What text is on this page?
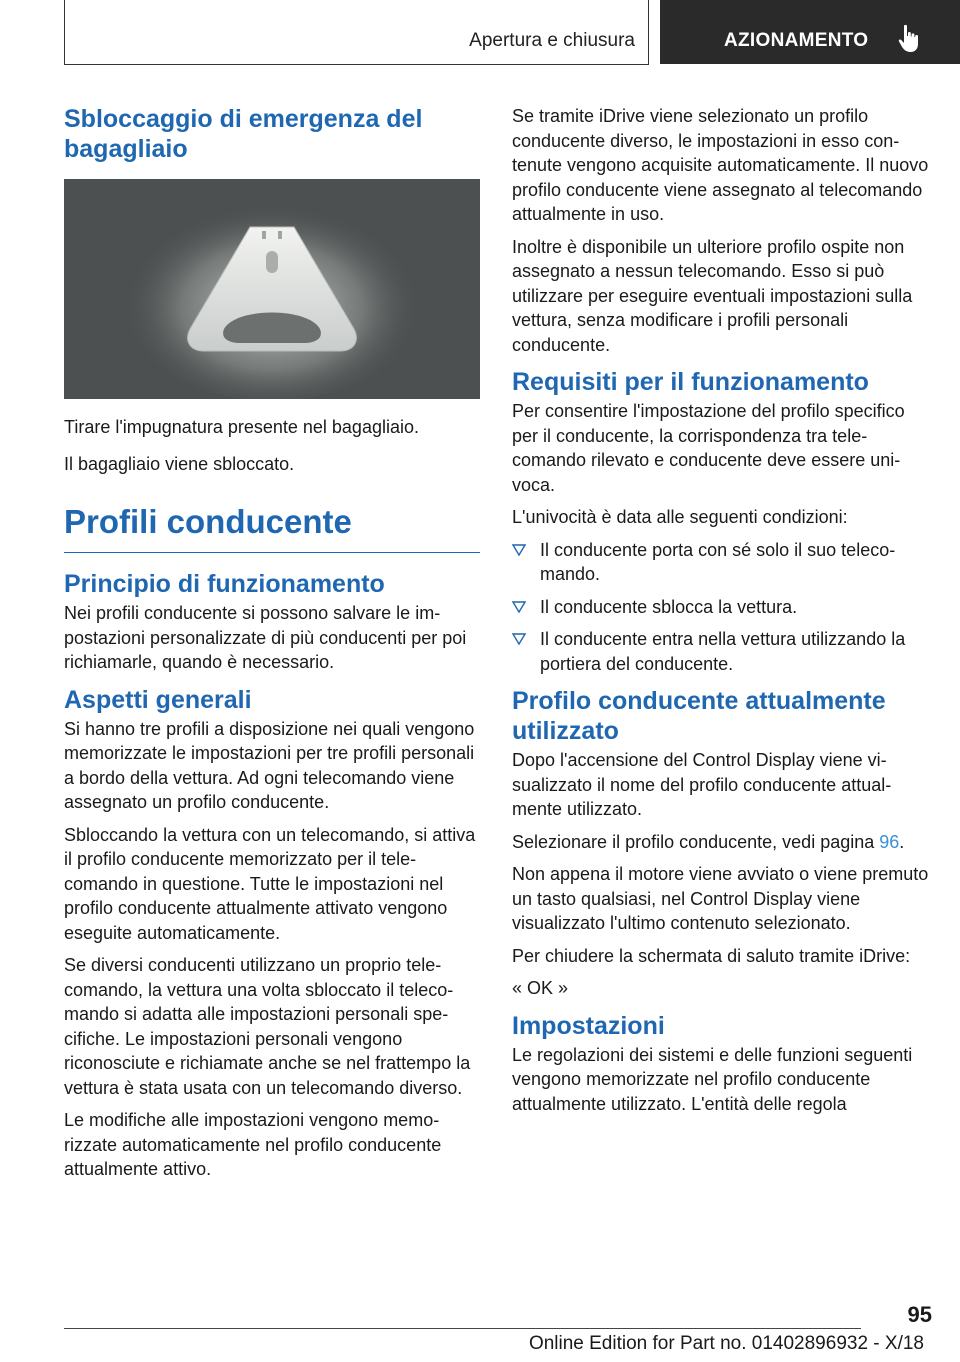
Apertura e chiusura	AZIONAMENTO
Sbloccaggio di emergenza del bagagliaio

Tirare l'impugnatura presente nel bagagliaio.

Il bagagliaio viene sbloccato.

Profili conducente
Principio di funzionamento

Nei profili conducente si possono salvare le impostazioni personalizzate di più conducenti per poi richiamarle, quando è necessario.

Aspetti generali

Si hanno tre profili a disposizione nei quali vengono memorizzate le impostazioni per tre profili personali a bordo della vettura. Ad ogni telecomando viene assegnato un profilo conducente.

Sbloccando la vettura con un telecomando, si attiva il profilo conducente memorizzato per il telecomando in questione. Tutte le impostazioni nel profilo conducente attualmente attivato vengono eseguite automaticamente.

Se diversi conducenti utilizzano un proprio telecomando, la vettura una volta sbloccato il telecomando si adatta alle impostazioni personali specifiche. Le impostazioni personali vengono riconosciute e richiamate anche se nel frattempo la vettura è stata usata con un telecomando diverso.

Le modifiche alle impostazioni vengono memorizzate automaticamente nel profilo conducente attualmente attivo.

Se tramite iDrive viene selezionato un profilo conducente diverso, le impostazioni in esso contenute vengono acquisite automaticamente. Il nuovo profilo conducente viene assegnato al telecomando attualmente in uso.

Inoltre è disponibile un ulteriore profilo ospite non assegnato a nessun telecomando. Esso si può utilizzare per eseguire eventuali impostazioni sulla vettura, senza modificare i profili personali conducente.

Requisiti per il funzionamento

Per consentire l'impostazione del profilo specifico per il conducente, la corrispondenza tra telecomando rilevato e conducente deve essere univoca.

L'univocità è data alle seguenti condizioni:

Il conducente porta con sé solo il suo telecomando.
Il conducente sblocca la vettura.
Il conducente entra nella vettura utilizzando la portiera del conducente.
Profilo conducente attualmente utilizzato

Dopo l'accensione del Control Display viene visualizzato il nome del profilo conducente attualmente utilizzato.

Selezionare il profilo conducente, vedi pagina 96.

Non appena il motore viene avviato o viene premuto un tasto qualsiasi, nel Control Display viene visualizzato l'ultimo contenuto selezionato.

Per chiudere la schermata di saluto tramite iDrive:

« OK »

Impostazioni

Le regolazioni dei sistemi e delle funzioni seguenti vengono memorizzate nel profilo conducente attualmente utilizzato. L'entità delle regola

95
Online Edition for Part no. 01402896932 - X/18
